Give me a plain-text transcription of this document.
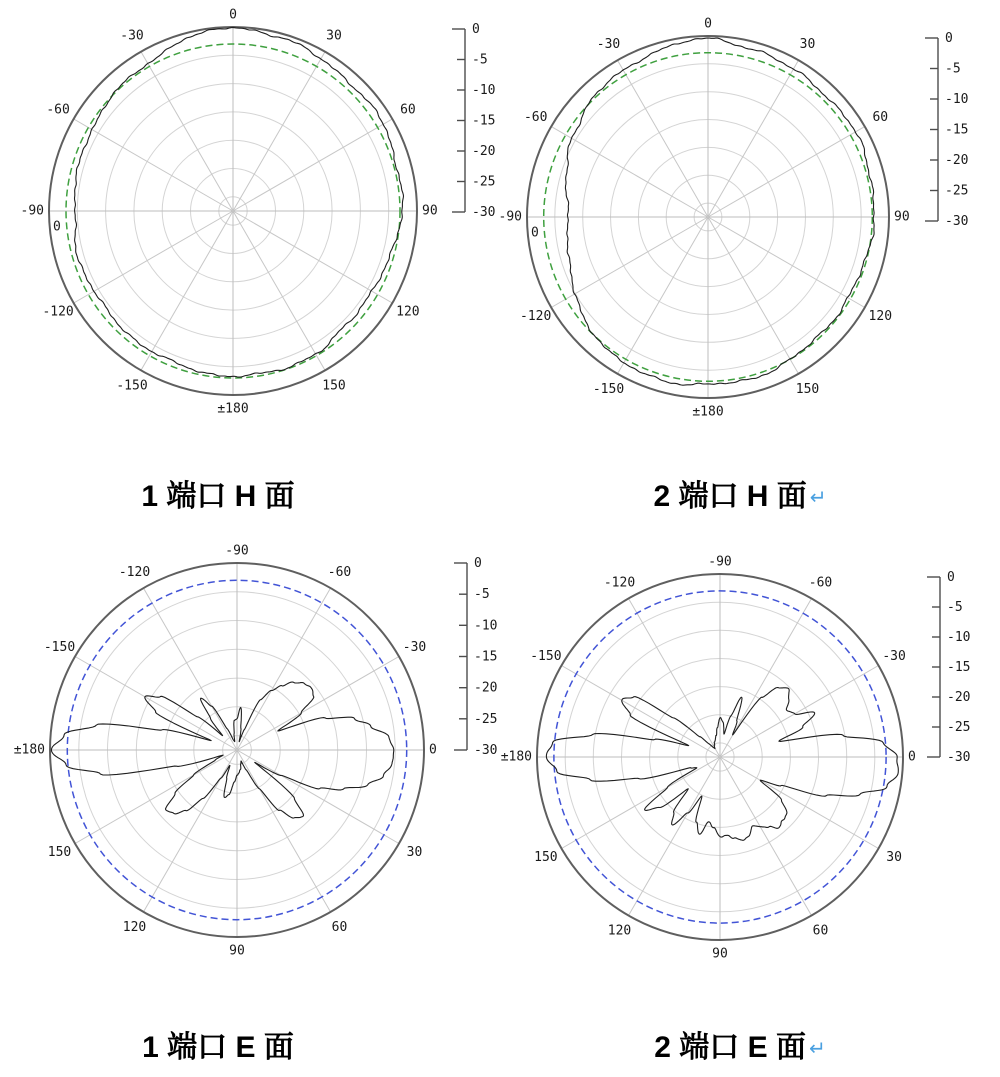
0
30
60
90
120
150
±180
-150
-120
-90
-60
-30
0
0
-5
-10
-15
-20
-25
-30
0
30
60
90
120
150
±180
-150
-120
-90
-60
-30
0
0
-5
-10
-15
-20
-25
-30
0
30
60
90
120
150
±180
-150
-120
-90
-60
-30
0
-5
-10
-15
-20
-25
-30	0
30
60
90
120
150
±180
-150
-120
-90
-60
-30
0
-5
-10
-15
-20
-25
-30
1 端口 H 面	2 端口 H 面 ↵
1 端口 E 面	2 端口 E 面 ↵
